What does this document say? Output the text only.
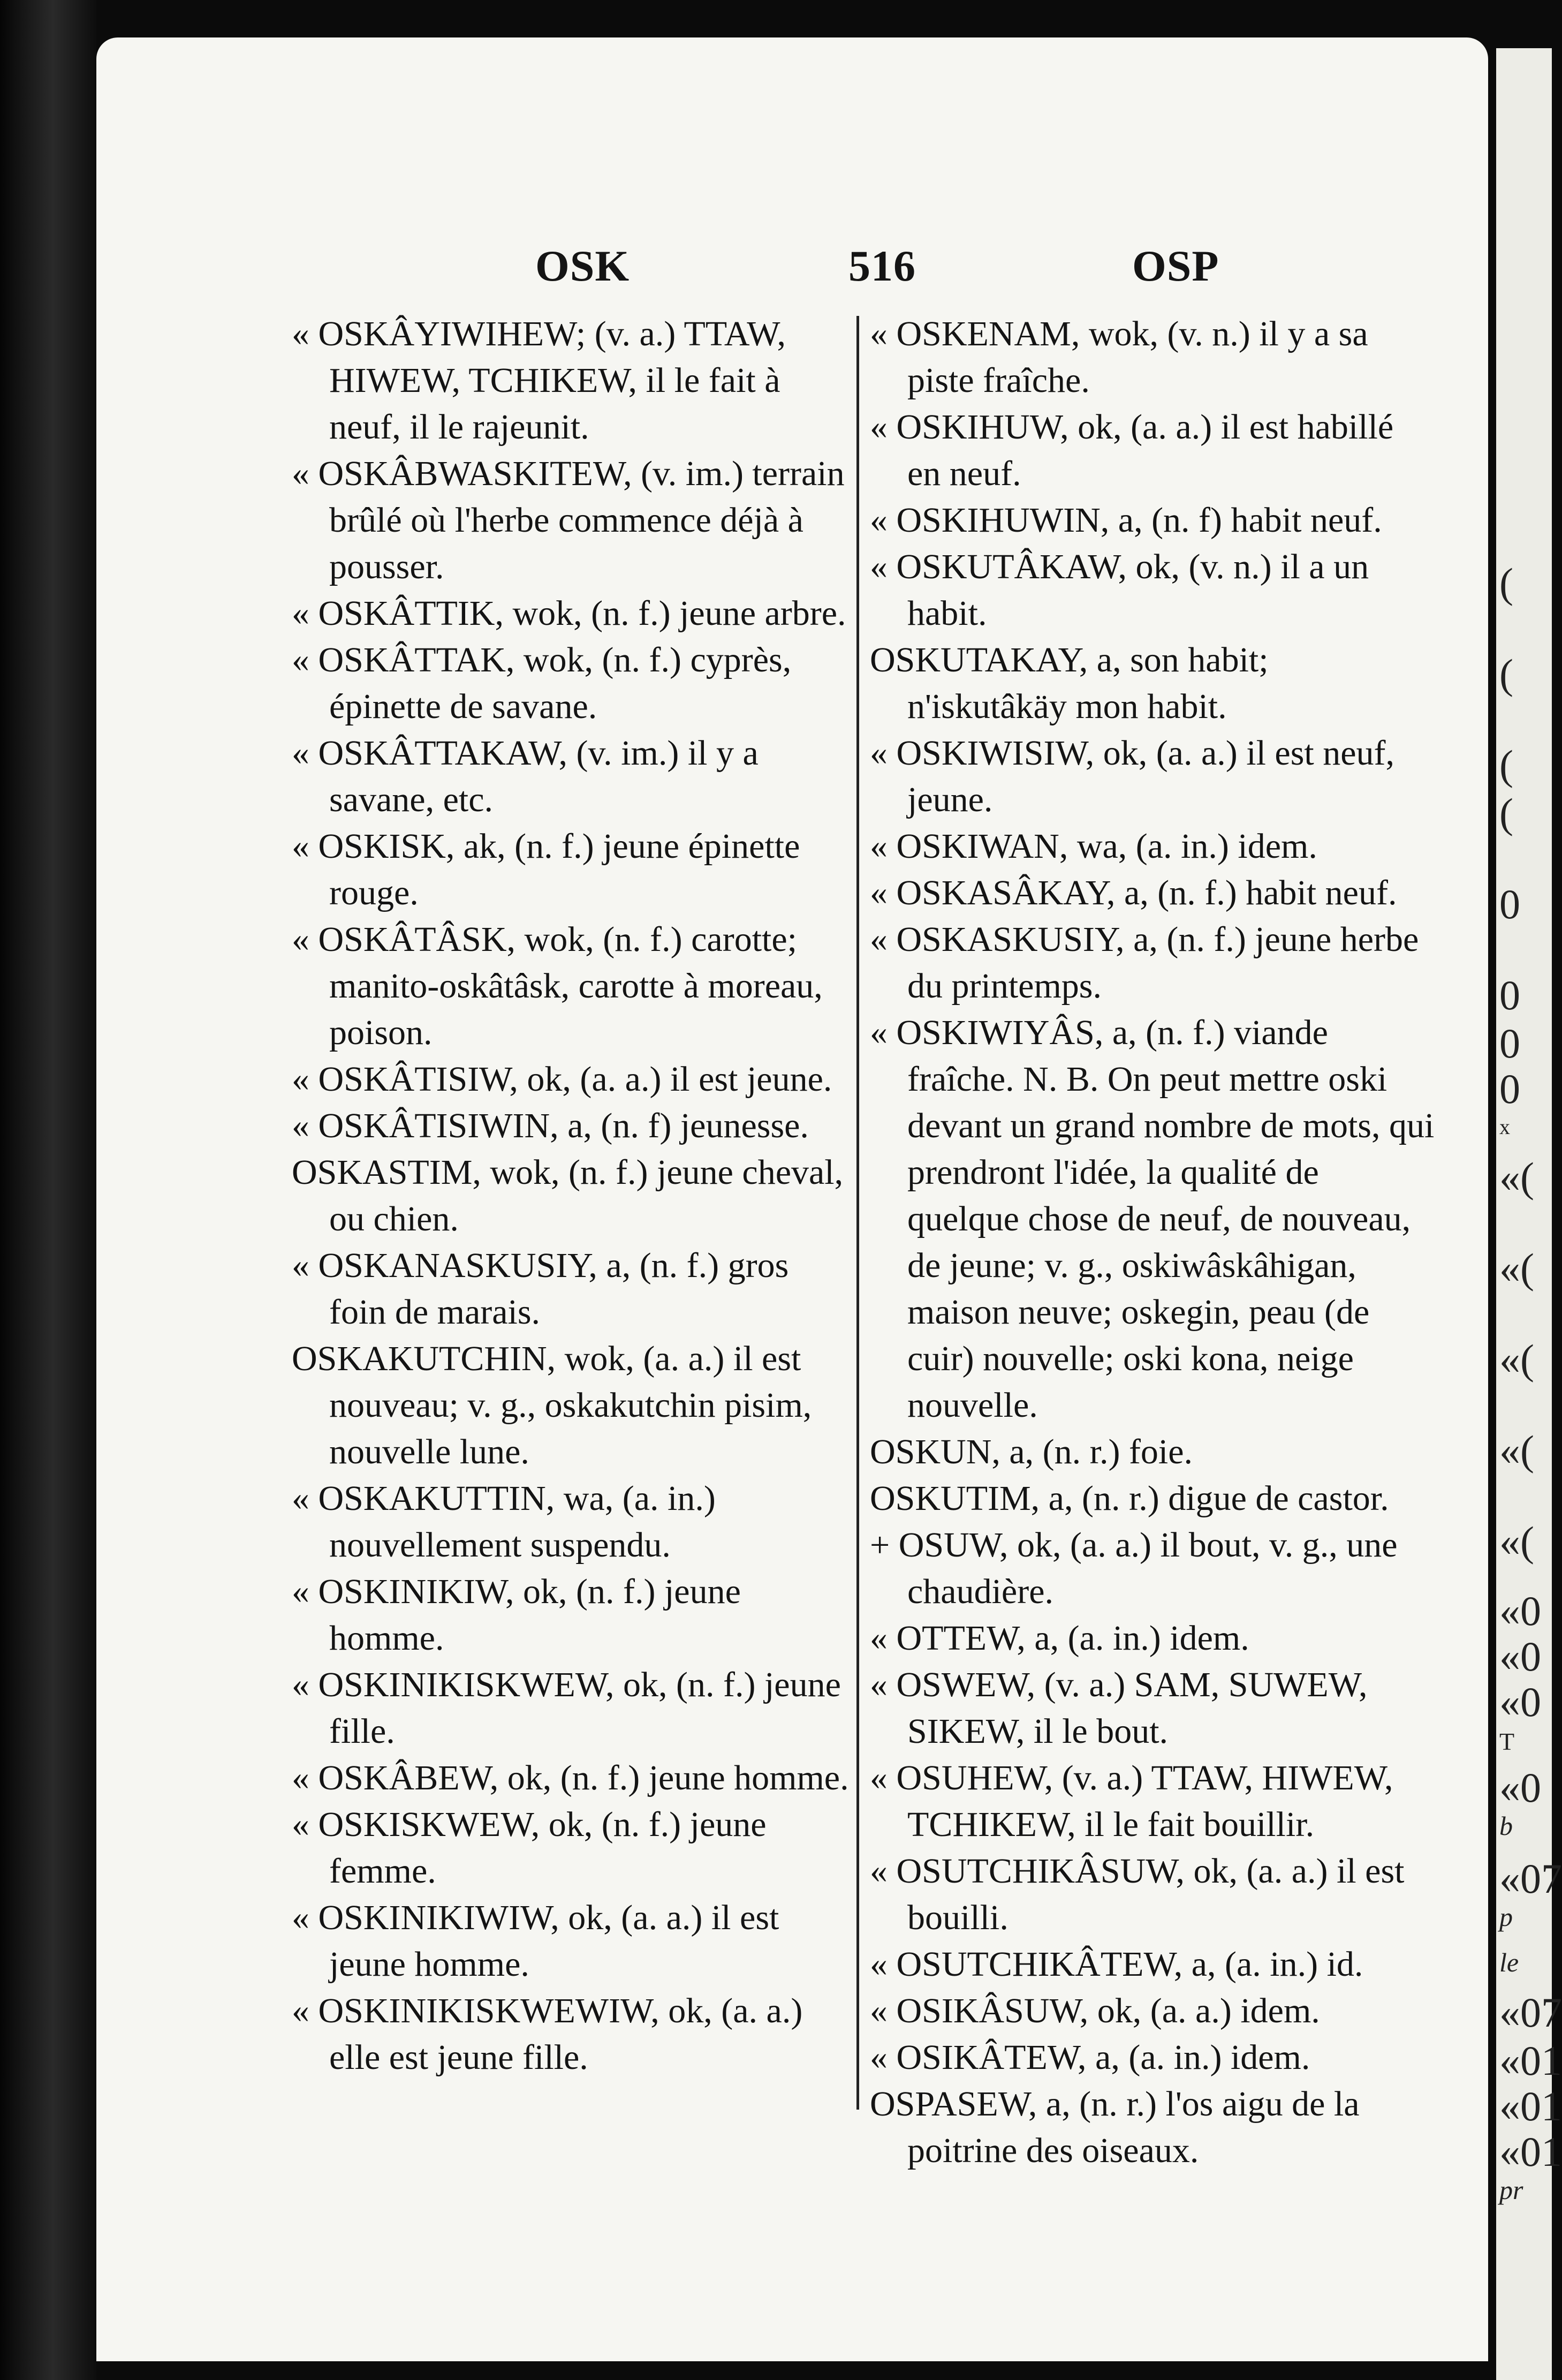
OSK	516	OSP

« OSKÂYIWIHEW; (v. a.) TTAW, HIWEW, TCHIKEW, il le fait à neuf, il le rajeunit.

« OSKÂBWASKITEW, (v. im.) terrain brûlé où l'herbe commence déjà à pousser.

« OSKÂTTIK, wok, (n. f.) jeune arbre.

« OSKÂTTAK, wok, (n. f.) cyprès, épinette de savane.

« OSKÂTTAKAW, (v. im.) il y a savane, etc.

« OSKISK, ak, (n. f.) jeune épinette rouge.

« OSKÂTÂSK, wok, (n. f.) carotte; manito-oskâtâsk, carotte à moreau, poison.

« OSKÂTISIW, ok, (a. a.) il est jeune.

« OSKÂTISIWIN, a, (n. f) jeunesse.

OSKASTIM, wok, (n. f.) jeune cheval, ou chien.

« OSKANASKUSIY, a, (n. f.) gros foin de marais.

OSKAKUTCHIN, wok, (a. a.) il est nouveau; v. g., oskakutchin pisim, nouvelle lune.

« OSKAKUTTIN, wa, (a. in.) nouvellement suspendu.

« OSKINIKIW, ok, (n. f.) jeune homme.

« OSKINIKISKWEW, ok, (n. f.) jeune fille.

« OSKÂBEW, ok, (n. f.) jeune homme.

« OSKISKWEW, ok, (n. f.) jeune femme.

« OSKINIKIWIW, ok, (a. a.) il est jeune homme.

« OSKINIKISKWEWIW, ok, (a. a.) elle est jeune fille.

« OSKENAM, wok, (v. n.) il y a sa piste fraîche.

« OSKIHUW, ok, (a. a.) il est habillé en neuf.

« OSKIHUWIN, a, (n. f) habit neuf.

« OSKUTÂKAW, ok, (v. n.) il a un habit.

OSKUTAKAY, a, son habit; n'iskutâkäy mon habit.

« OSKIWISIW, ok, (a. a.) il est neuf, jeune.

« OSKIWAN, wa, (a. in.) idem.

« OSKASÂKAY, a, (n. f.) habit neuf.

« OSKASKUSIY, a, (n. f.) jeune herbe du printemps.

« OSKIWIYÂS, a, (n. f.) viande fraîche. N. B. On peut mettre oski devant un grand nombre de mots, qui prendront l'idée, la qualité de quelque chose de neuf, de nouveau, de jeune; v. g., oskiwâskâhigan, maison neuve; oskegin, peau (de cuir) nouvelle; oski kona, neige nouvelle.

OSKUN, a, (n. r.) foie.

OSKUTIM, a, (n. r.) digue de castor.

+ OSUW, ok, (a. a.) il bout, v. g., une chaudière.

« OTTEW, a, (a. in.) idem.

« OSWEW, (v. a.) SAM, SUWEW, SIKEW, il le bout.

« OSUHEW, (v. a.) TTAW, HIWEW, TCHIKEW, il le fait bouillir.

« OSUTCHIKÂSUW, ok, (a. a.) il est bouilli.

« OSUTCHIKÂTEW, a, (a. in.) id.

« OSIKÂSUW, ok, (a. a.) idem.

« OSIKÂTEW, a, (a. in.) idem.

OSPASEW, a, (n. r.) l'os aigu de la poitrine des oiseaux.

(
(
(
(
0
0
0
0
x
«(
«(
«(
«(
«(
«0
«0
«0
T
«0
b
«07
p
le
«07
«01
«01
«01
pr
